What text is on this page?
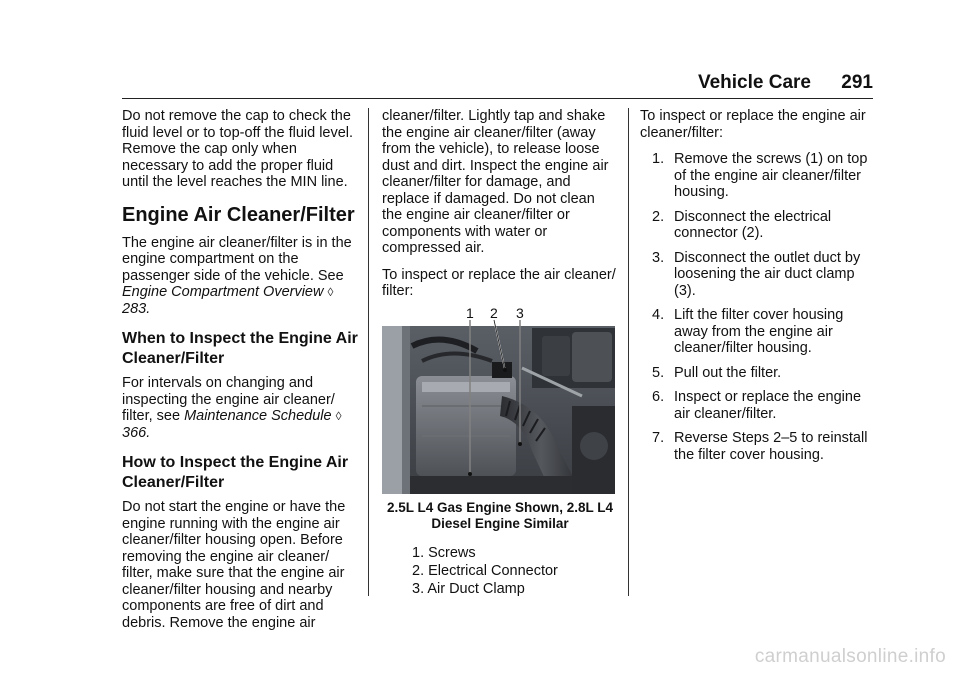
Vehicle Care 291

Do not remove the cap to check the fluid level or to top-off the fluid level. Remove the cap only when necessary to add the proper fluid until the level reaches the MIN line.

Engine Air Cleaner/Filter

The engine air cleaner/filter is in the engine compartment on the passenger side of the vehicle. See Engine Compartment Overview ◊ 283.

When to Inspect the Engine Air Cleaner/Filter

For intervals on changing and inspecting the engine air cleaner/ filter, see Maintenance Schedule ◊ 366.

How to Inspect the Engine Air Cleaner/Filter

Do not start the engine or have the engine running with the engine air cleaner/filter housing open. Before removing the engine air cleaner/ filter, make sure that the engine air cleaner/filter housing and nearby components are free of dirt and debris. Remove the engine air

cleaner/filter. Lightly tap and shake the engine air cleaner/filter (away from the vehicle), to release loose dust and dirt. Inspect the engine air cleaner/filter for damage, and replace if damaged. Do not clean the engine air cleaner/filter or components with water or compressed air.

To inspect or replace the air cleaner/ filter:

1 2 3
2.5L L4 Gas Engine Shown, 2.8L L4 Diesel Engine Similar
1. Screws
2. Electrical Connector
3. Air Duct Clamp

To inspect or replace the engine air cleaner/filter:

1. Remove the screws (1) on top of the engine air cleaner/filter housing.
2. Disconnect the electrical connector (2).
3. Disconnect the outlet duct by loosening the air duct clamp (3).
4. Lift the filter cover housing away from the engine air cleaner/filter housing.
5. Pull out the filter.
6. Inspect or replace the engine air cleaner/filter.
7. Reverse Steps 2–5 to reinstall the filter cover housing.
carmanualsonline.info
